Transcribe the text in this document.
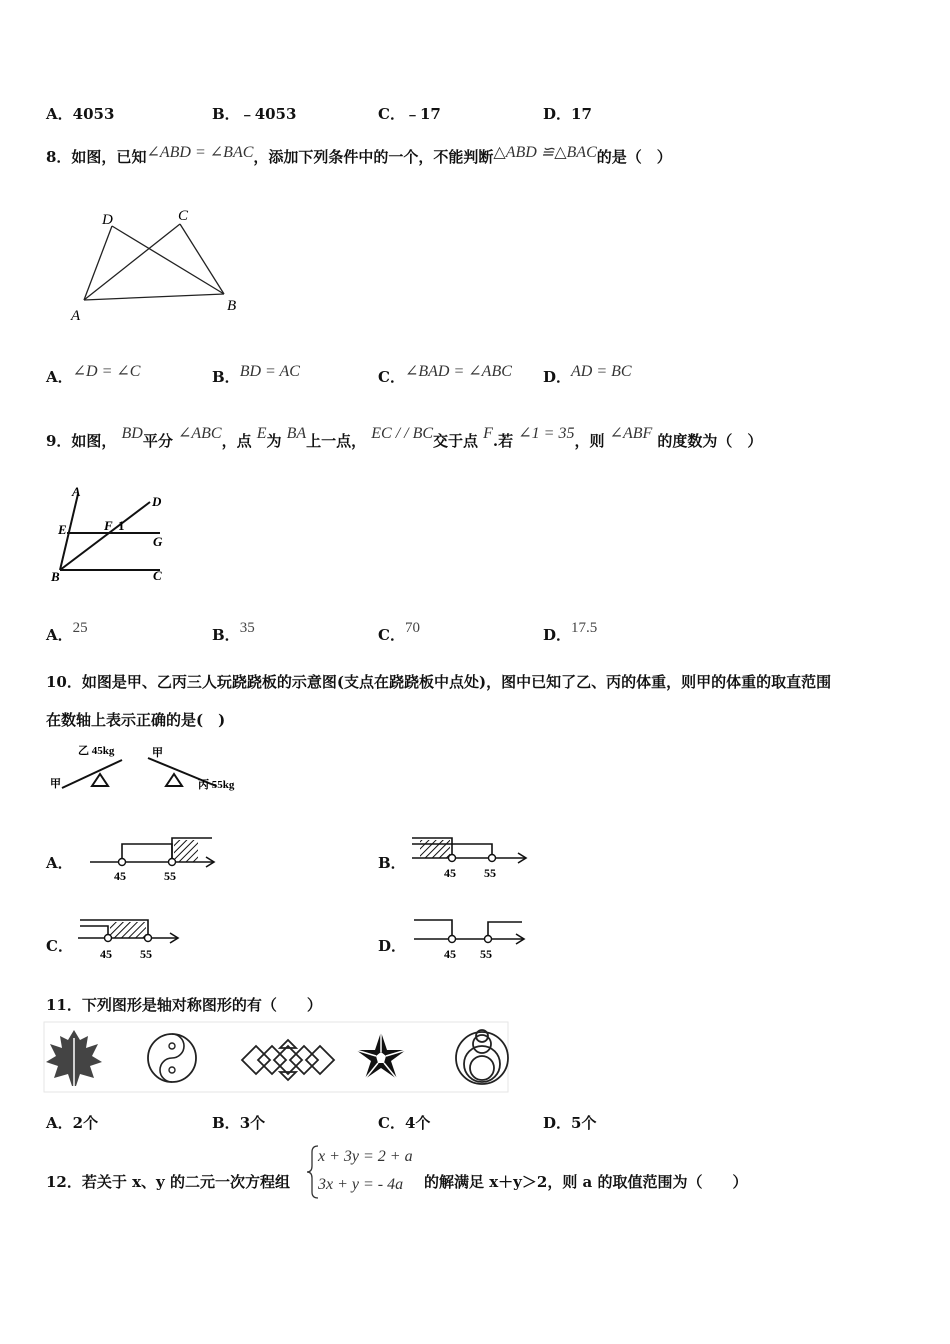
A．4053	B．﹣4053	C．﹣17	D．17
8．如图，已知∠ABD = ∠BAC，添加下列条件中的一个，不能判断△ABD ≌△BAC的是（　）
D	C
A
B
A．∠D = ∠C	B．BD = AC	C．∠BAD = ∠ABC D．AD = BC
9．如图， BD平分 ∠ABC，点 E为 BA上一点， EC / / BC交于点 F.若 ∠1 = 35，则 ∠ABF 的度数为（　）
A
D
E	F 1
G
B	C
A．25	B．35	C．70	D．17.5
10．如图是甲、乙丙三人玩跷跷板的示意图(支点在跷跷板中点处)，图中已知了乙、丙的体重，则甲的体重的取直范围
在数轴上表示正确的是(　)
甲
乙 45kg	甲
丙 55kg
A．
45	55
B．
45 55
C． 45 55	D．	45 55
11．下列图形是轴对称图形的有（　　）
A．2个	B．3个	C．4个	D．5个
12．若关于 x、y 的二元一次方程组
x + 3y = 2 + a
3x + y = - 4a 的解满足 x＋y＞2，则 a 的取值范围为（　　）
